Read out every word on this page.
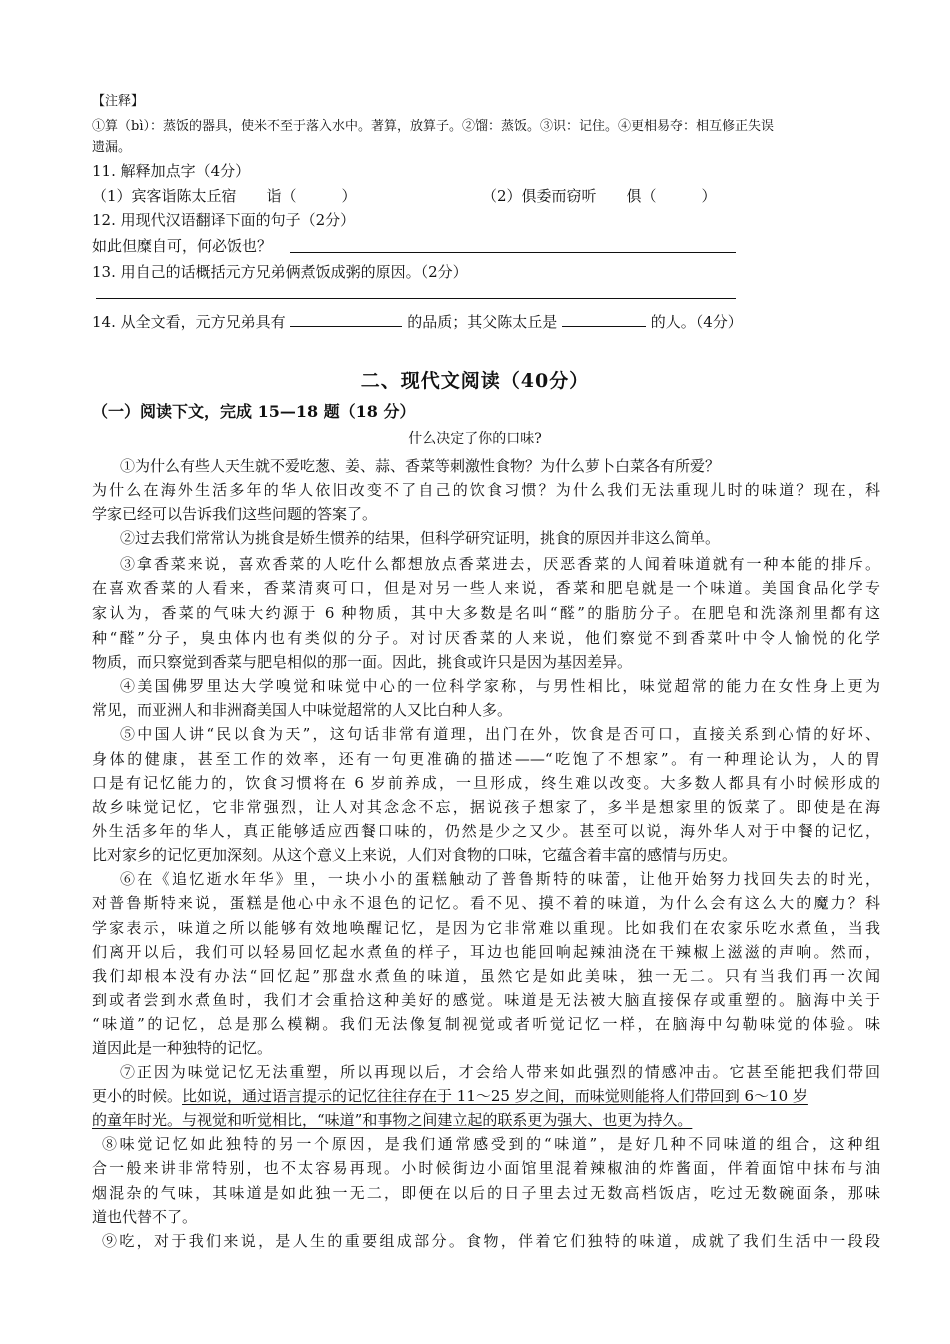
【注释】
①算（bì）：蒸饭的器具，使米不至于落入水中。著算，放算子。②馏：蒸饭。③识：记住。④更相易夺：相互修正失误
遗漏。
11. 解释加点字（4分）
（1）宾客诣陈太丘宿　　诣（　　　）	（2）俱委而窃听　　俱（　　　）
12. 用现代汉语翻译下面的句子（2分）
如此但糜自可，何必饭也？
13. 用自己的话概括元方兄弟俩煮饭成粥的原因。（2分）
14. 从全文看，元方兄弟具有	的品质；其父陈太丘是	的人。（4分）
二、现代文阅读（40分）
（一）阅读下文，完成 15—18 题（18 分）
什么决定了你的口味?
①为什么有些人天生就不爱吃葱、姜、蒜、香菜等刺激性食物？为什么萝卜白菜各有所爱？
为什么在海外生活多年的华人依旧改变不了自己的饮食习惯？为什么我们无法重现儿时的味道？现在，科
学家已经可以告诉我们这些问题的答案了。
②过去我们常常认为挑食是娇生惯养的结果，但科学研究证明，挑食的原因并非这么简单。
③拿香菜来说，喜欢香菜的人吃什么都想放点香菜进去，厌恶香菜的人闻着味道就有一种本能的排斥。
在喜欢香菜的人看来，香菜清爽可口，但是对另一些人来说，香菜和肥皂就是一个味道。美国食品化学专
家认为，香菜的气味大约源于 6 种物质，其中大多数是名叫“醛”的脂肪分子。在肥皂和洗涤剂里都有这
种“醛”分子，臭虫体内也有类似的分子。对讨厌香菜的人来说，他们察觉不到香菜叶中令人愉悦的化学
物质，而只察觉到香菜与肥皂相似的那一面。因此，挑食或许只是因为基因差异。
④美国佛罗里达大学嗅觉和味觉中心的一位科学家称，与男性相比，味觉超常的能力在女性身上更为
常见，而亚洲人和非洲裔美国人中味觉超常的人又比白种人多。
⑤中国人讲“民以食为天”，这句话非常有道理，出门在外，饮食是否可口，直接关系到心情的好坏、
身体的健康，甚至工作的效率，还有一句更准确的描述——“吃饱了不想家”。有一种理论认为，人的胃
口是有记忆能力的，饮食习惯将在 6 岁前养成，一旦形成，终生难以改变。大多数人都具有小时候形成的
故乡味觉记忆，它非常强烈，让人对其念念不忘，据说孩子想家了，多半是想家里的饭菜了。即使是在海
外生活多年的华人，真正能够适应西餐口味的，仍然是少之又少。甚至可以说，海外华人对于中餐的记忆，
比对家乡的记忆更加深刻。从这个意义上来说，人们对食物的口味，它蕴含着丰富的感情与历史。
⑥在《追忆逝水年华》里，一块小小的蛋糕触动了普鲁斯特的味蕾，让他开始努力找回失去的时光，
对普鲁斯特来说，蛋糕是他心中永不退色的记忆。看不见、摸不着的味道，为什么会有这么大的魔力？科
学家表示，味道之所以能够有效地唤醒记忆，是因为它非常难以重现。比如我们在农家乐吃水煮鱼，当我
们离开以后，我们可以轻易回忆起水煮鱼的样子，耳边也能回响起辣油浇在干辣椒上滋滋的声响。然而，
我们却根本没有办法“回忆起”那盘水煮鱼的味道，虽然它是如此美味，独一无二。只有当我们再一次闻
到或者尝到水煮鱼时，我们才会重拾这种美好的感觉。味道是无法被大脑直接保存或重塑的。脑海中关于
“味道”的记忆，总是那么模糊。我们无法像复制视觉或者听觉记忆一样，在脑海中勾勒味觉的体验。味
道因此是一种独特的记忆。
⑦正因为味觉记忆无法重塑，所以再现以后，才会给人带来如此强烈的情感冲击。它甚至能把我们带回
更小的时候。比如说，通过语言提示的记忆往往存在于 11～25 岁之间，而味觉则能将人们带回到 6～10 岁
的童年时光。与视觉和听觉相比，“味道”和事物之间建立起的联系更为强大、也更为持久。
⑧味觉记忆如此独特的另一个原因，是我们通常感受到的“味道”，是好几种不同味道的组合，这种组
合一般来讲非常特别，也不太容易再现。小时候街边小面馆里混着辣椒油的炸酱面，伴着面馆中抹布与油
烟混杂的气味，其味道是如此独一无二，即便在以后的日子里去过无数高档饭店，吃过无数碗面条，那味
道也代替不了。
⑨吃，对于我们来说，是人生的重要组成部分。食物，伴着它们独特的味道，成就了我们生活中一段段
